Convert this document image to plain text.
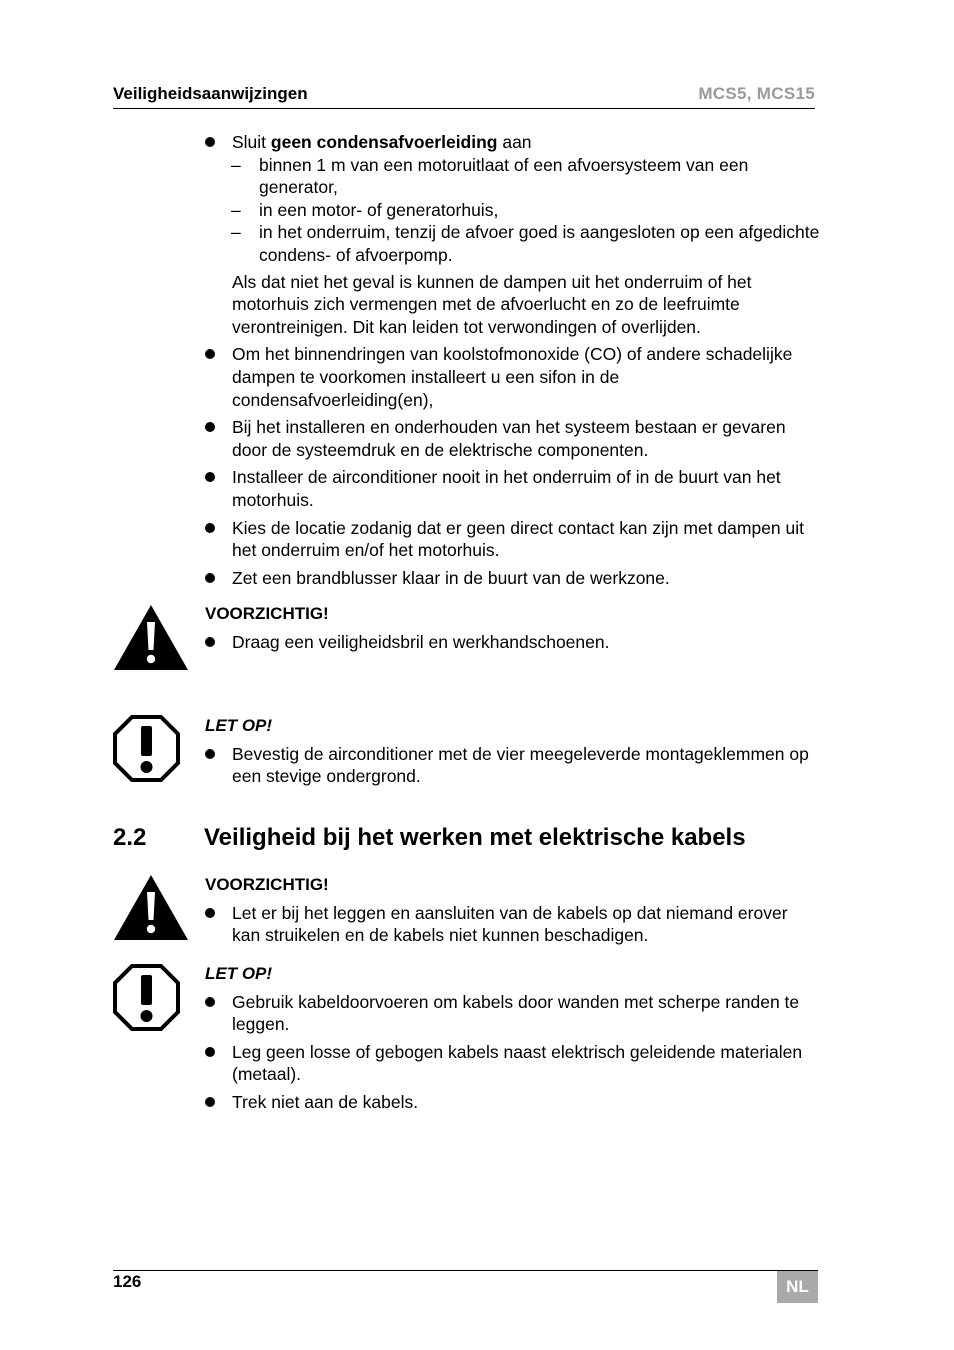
Veiligheidsaanwijzingen	MCS5, MCS15
Sluit geen condensafvoerleiding aan
– binnen 1 m van een motoruitlaat of een afvoersysteem van een generator,
– in een motor- of generatorhuis,
– in het onderruim, tenzij de afvoer goed is aangesloten op een afgedichte condens- of afvoerpomp.
Als dat niet het geval is kunnen de dampen uit het onderruim of het motorhuis zich vermengen met de afvoerlucht en zo de leefruimte verontreinigen. Dit kan leiden tot verwondingen of overlijden.
Om het binnendringen van koolstofmonoxide (CO) of andere schadelijke dampen te voorkomen installeert u een sifon in de condensafvoerleiding(en),
Bij het installeren en onderhouden van het systeem bestaan er gevaren door de systeemdruk en de elektrische componenten.
Installeer de airconditioner nooit in het onderruim of in de buurt van het motorhuis.
Kies de locatie zodanig dat er geen direct contact kan zijn met dampen uit het onderruim en/of het motorhuis.
Zet een brandblusser klaar in de buurt van de werkzone.
VOORZICHTIG!
Draag een veiligheidsbril en werkhandschoenen.
LET OP!
Bevestig de airconditioner met de vier meegeleverde montageklemmen op een stevige ondergrond.
2.2 Veiligheid bij het werken met elektrische kabels
VOORZICHTIG!
Let er bij het leggen en aansluiten van de kabels op dat niemand erover kan struikelen en de kabels niet kunnen beschadigen.
LET OP!
Gebruik kabeldoorvoeren om kabels door wanden met scherpe randen te leggen.
Leg geen losse of gebogen kabels naast elektrisch geleidende materialen (metaal).
Trek niet aan de kabels.
126	NL
